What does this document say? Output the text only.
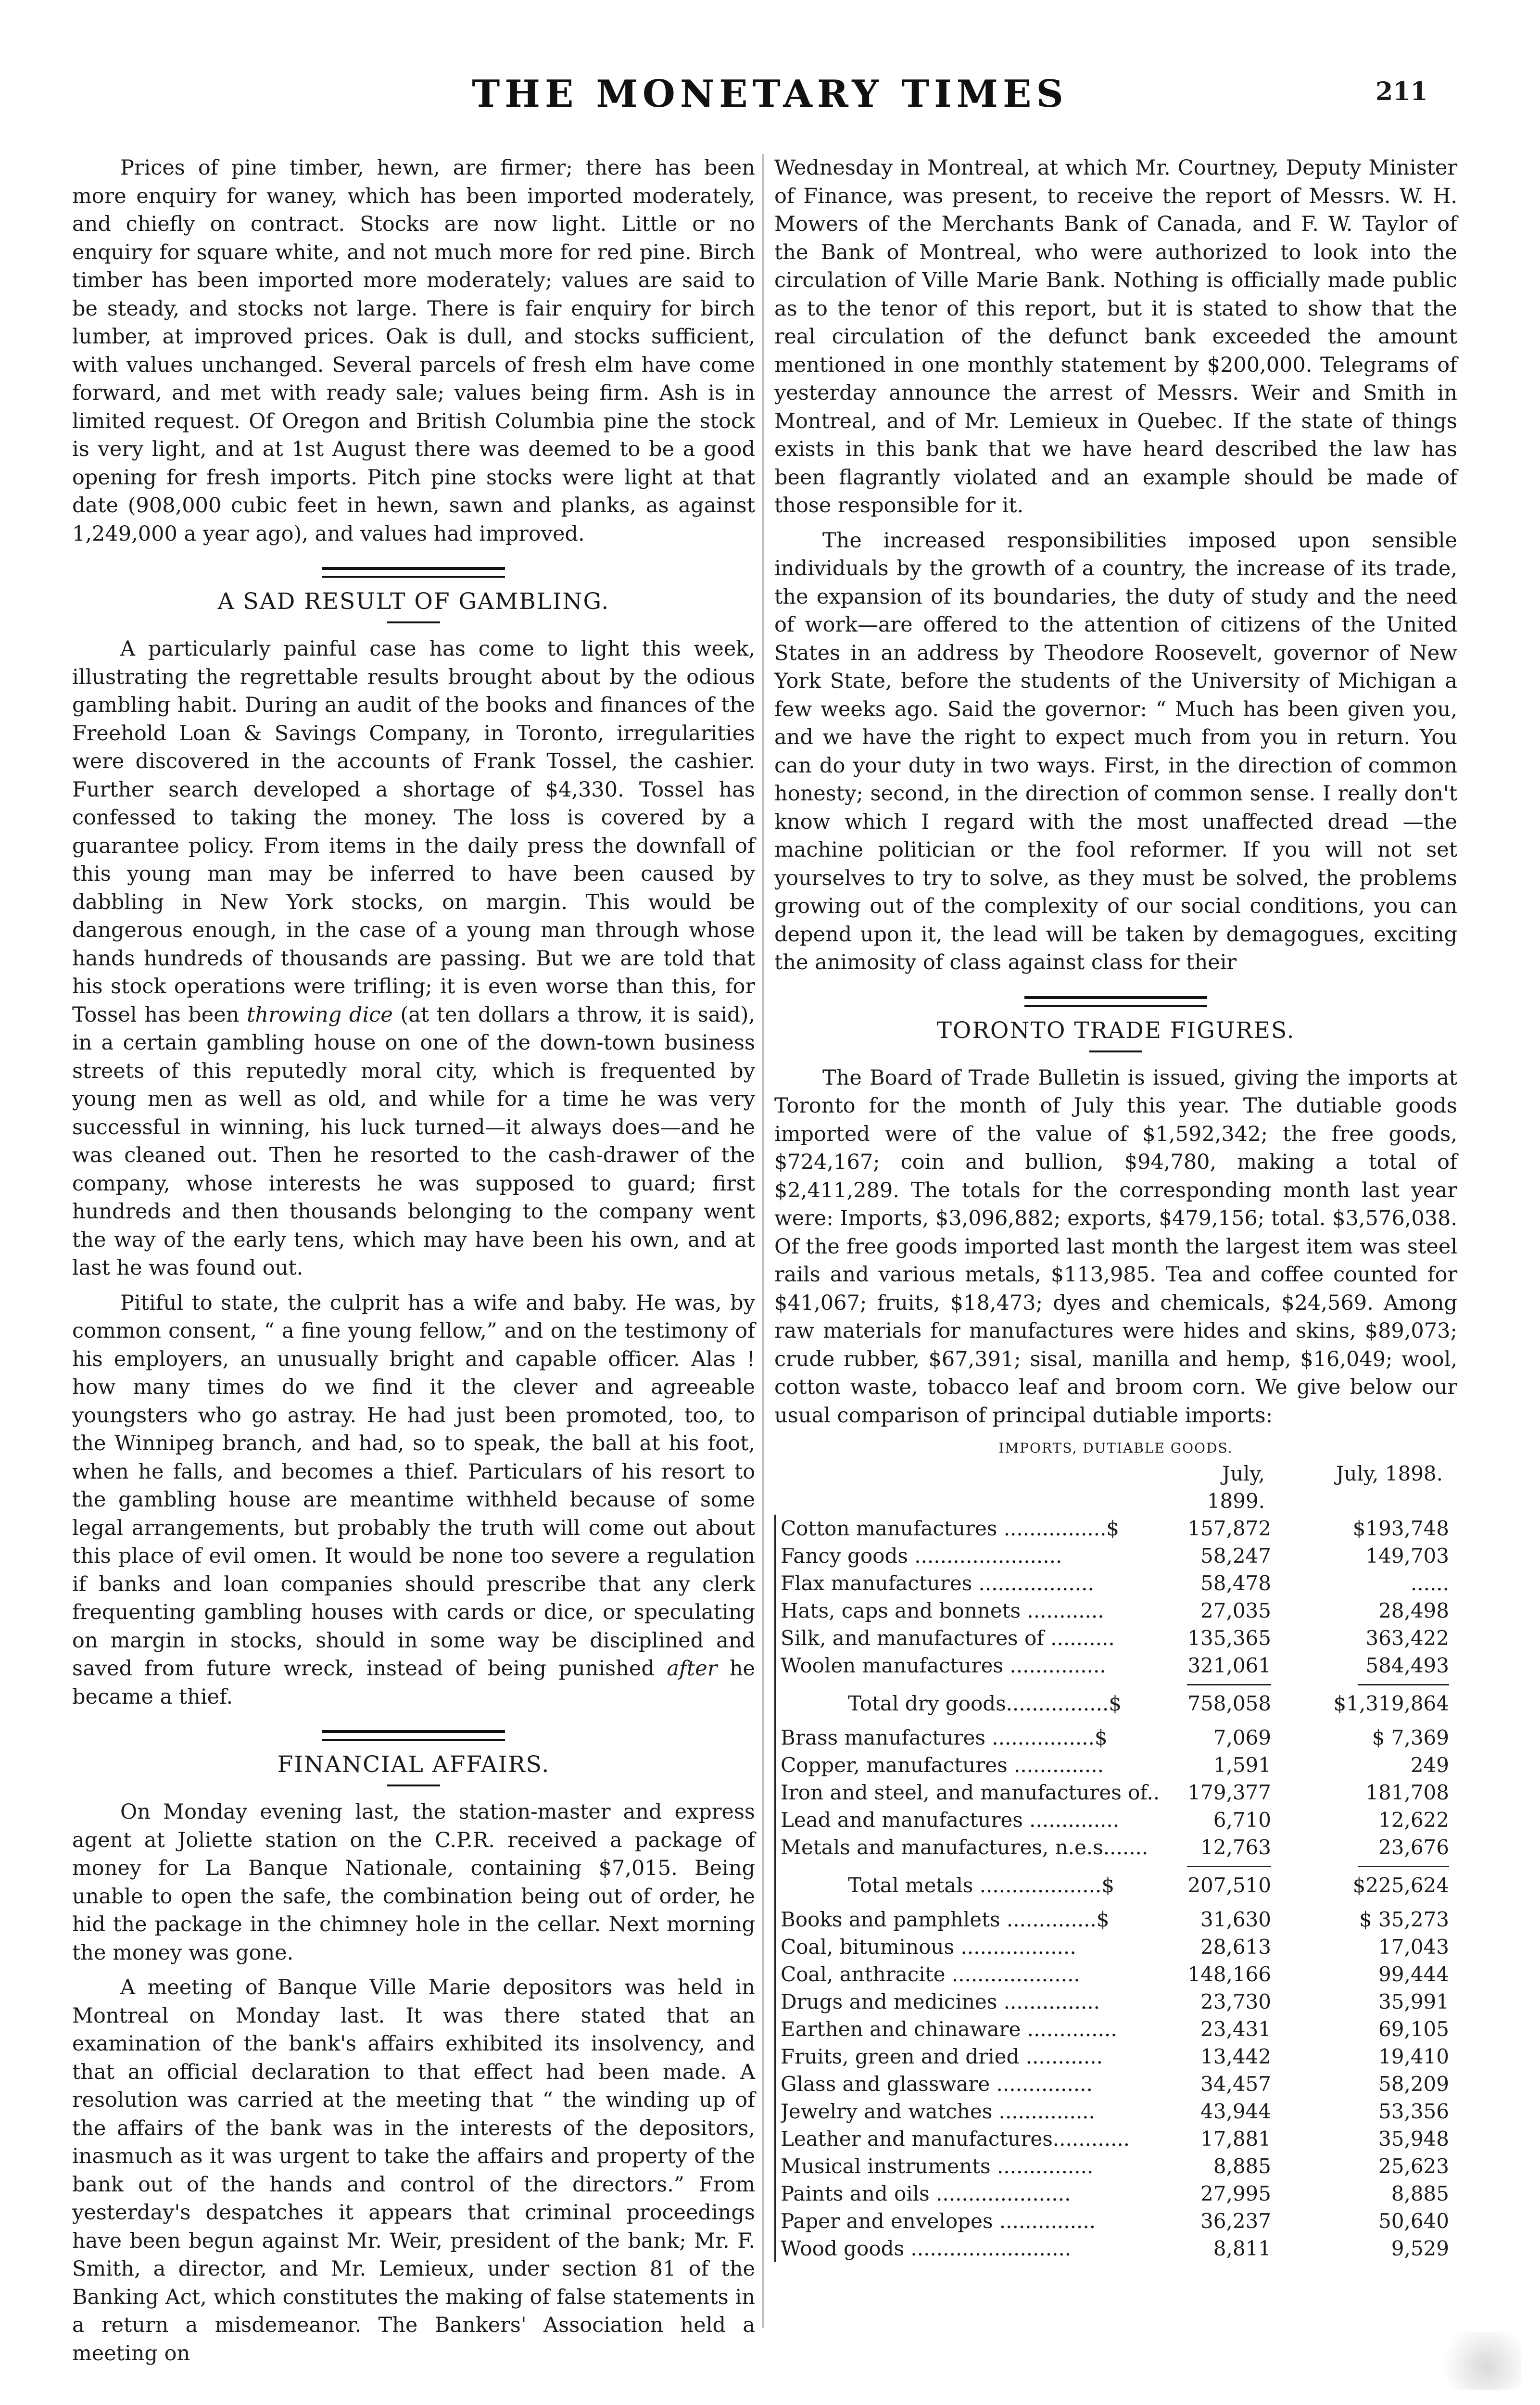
THE MONETARY TIMES	211

Prices of pine timber, hewn, are firmer; there has been more enquiry for waney, which has been imported moderately, and chiefly on contract. Stocks are now light. Little or no enquiry for square white, and not much more for red pine. Birch timber has been imported more moderately; values are said to be steady, and stocks not large. There is fair enquiry for birch lumber, at improved prices. Oak is dull, and stocks sufficient, with values unchanged. Several parcels of fresh elm have come forward, and met with ready sale; values being firm. Ash is in limited request. Of Oregon and British Columbia pine the stock is very light, and at 1st August there was deemed to be a good opening for fresh imports. Pitch pine stocks were light at that date (908,000 cubic feet in hewn, sawn and planks, as against 1,249,000 a year ago), and values had improved.

A SAD RESULT OF GAMBLING.

A particularly painful case has come to light this week, illustrating the regrettable results brought about by the odious gambling habit. During an audit of the books and finances of the Freehold Loan & Savings Company, in Toronto, irregularities were discovered in the accounts of Frank Tossel, the cashier. Further search developed a shortage of $4,330. Tossel has confessed to taking the money. The loss is covered by a guarantee policy. From items in the daily press the downfall of this young man may be inferred to have been caused by dabbling in New York stocks, on margin. This would be dangerous enough, in the case of a young man through whose hands hundreds of thousands are passing. But we are told that his stock operations were trifling; it is even worse than this, for Tossel has been throwing dice (at ten dollars a throw, it is said), in a certain gambling house on one of the down-town business streets of this reputedly moral city, which is frequented by young men as well as old, and while for a time he was very successful in winning, his luck turned—it always does—and he was cleaned out. Then he resorted to the cash-drawer of the company, whose interests he was supposed to guard; first hundreds and then thousands belonging to the company went the way of the early tens, which may have been his own, and at last he was found out.

Pitiful to state, the culprit has a wife and baby. He was, by common consent, “ a fine young fellow,” and on the testimony of his employers, an unusually bright and capable officer. Alas ! how many times do we find it the clever and agreeable youngsters who go astray. He had just been promoted, too, to the Winnipeg branch, and had, so to speak, the ball at his foot, when he falls, and becomes a thief. Particulars of his resort to the gambling house are meantime withheld because of some legal arrangements, but probably the truth will come out about this place of evil omen. It would be none too severe a regulation if banks and loan companies should prescribe that any clerk frequenting gambling houses with cards or dice, or speculating on margin in stocks, should in some way be disciplined and saved from future wreck, instead of being punished after he became a thief.

FINANCIAL AFFAIRS.

On Monday evening last, the station-master and express agent at Joliette station on the C.P.R. received a package of money for La Banque Nationale, containing $7,015. Being unable to open the safe, the combination being out of order, he hid the package in the chimney hole in the cellar. Next morning the money was gone.

A meeting of Banque Ville Marie depositors was held in Montreal on Monday last. It was there stated that an examination of the bank's affairs exhibited its insolvency, and that an official declaration to that effect had been made. A resolution was carried at the meeting that “ the winding up of the affairs of the bank was in the interests of the depositors, inasmuch as it was urgent to take the affairs and property of the bank out of the hands and control of the directors.” From yesterday's despatches it appears that criminal proceedings have been begun against Mr. Weir, president of the bank; Mr. F. Smith, a director, and Mr. Lemieux, under section 81 of the Banking Act, which constitutes the making of false statements in a return a misdemeanor. The Bankers' Association held a meeting on

Wednesday in Montreal, at which Mr. Courtney, Deputy Minister of Finance, was present, to receive the report of Messrs. W. H. Mowers of the Merchants Bank of Canada, and F. W. Taylor of the Bank of Montreal, who were authorized to look into the circulation of Ville Marie Bank. Nothing is officially made public as to the tenor of this report, but it is stated to show that the real circulation of the defunct bank exceeded the amount mentioned in one monthly statement by $200,000. Telegrams of yesterday announce the arrest of Messrs. Weir and Smith in Montreal, and of Mr. Lemieux in Quebec. If the state of things exists in this bank that we have heard described the law has been flagrantly violated and an example should be made of those responsible for it.

The increased responsibilities imposed upon sensible individuals by the growth of a country, the increase of its trade, the expansion of its boundaries, the duty of study and the need of work—are offered to the attention of citizens of the United States in an address by Theodore Roosevelt, governor of New York State, before the students of the University of Michigan a few weeks ago. Said the governor: “ Much has been given you, and we have the right to expect much from you in return. You can do your duty in two ways. First, in the direction of common honesty; second, in the direction of common sense. I really don't know which I regard with the most unaffected dread —the machine politician or the fool reformer. If you will not set yourselves to try to solve, as they must be solved, the problems growing out of the complexity of our social conditions, you can depend upon it, the lead will be taken by demagogues, exciting the animosity of class against class for their

TORONTO TRADE FIGURES.

The Board of Trade Bulletin is issued, giving the imports at Toronto for the month of July this year. The dutiable goods imported were of the value of $1,592,342; the free goods, $724,167; coin and bullion, $94,780, making a total of $2,411,289. The totals for the corresponding month last year were: Imports, $3,096,882; exports, $479,156; total. $3,576,038. Of the free goods imported last month the largest item was steel rails and various metals, $113,985. Tea and coffee counted for $41,067; fruits, $18,473; dyes and chemicals, $24,569. Among raw materials for manufactures were hides and skins, $89,073; crude rubber, $67,391; sisal, manilla and hemp, $16,049; wool, cotton waste, tobacco leaf and broom corn. We give below our usual comparison of principal dutiable imports:

IMPORTS, DUTIABLE GOODS.
July, 1899.
July, 1898.
Cotton manufactures ................$	157,872	$193,748
Fancy goods .......................	58,247	149,703
Flax manufactures ..................	58,478	......
Hats, caps and bonnets ............	27,035	28,498
Silk, and manufactures of ..........	135,365	363,422
Woolen manufactures ...............	321,061	584,493
Total dry goods................$	758,058	$1,319,864
Brass manufactures ................$	7,069	$ 7,369
Copper, manufactures ..............	1,591	249
Iron and steel, and manufactures of..	179,377	181,708
Lead and manufactures ..............	6,710	12,622
Metals and manufactures, n.e.s.......	12,763	23,676
Total metals ...................$	207,510	$225,624
Books and pamphlets ..............$	31,630	$ 35,273
Coal, bituminous ..................	28,613	17,043
Coal, anthracite ....................	148,166	99,444
Drugs and medicines ...............	23,730	35,991
Earthen and chinaware ..............	23,431	69,105
Fruits, green and dried ............	13,442	19,410
Glass and glassware ...............	34,457	58,209
Jewelry and watches ...............	43,944	53,356
Leather and manufactures............	17,881	35,948
Musical instruments ...............	8,885	25,623
Paints and oils .....................	27,995	8,885
Paper and envelopes ...............	36,237	50,640
Wood goods .........................	8,811	9,529
